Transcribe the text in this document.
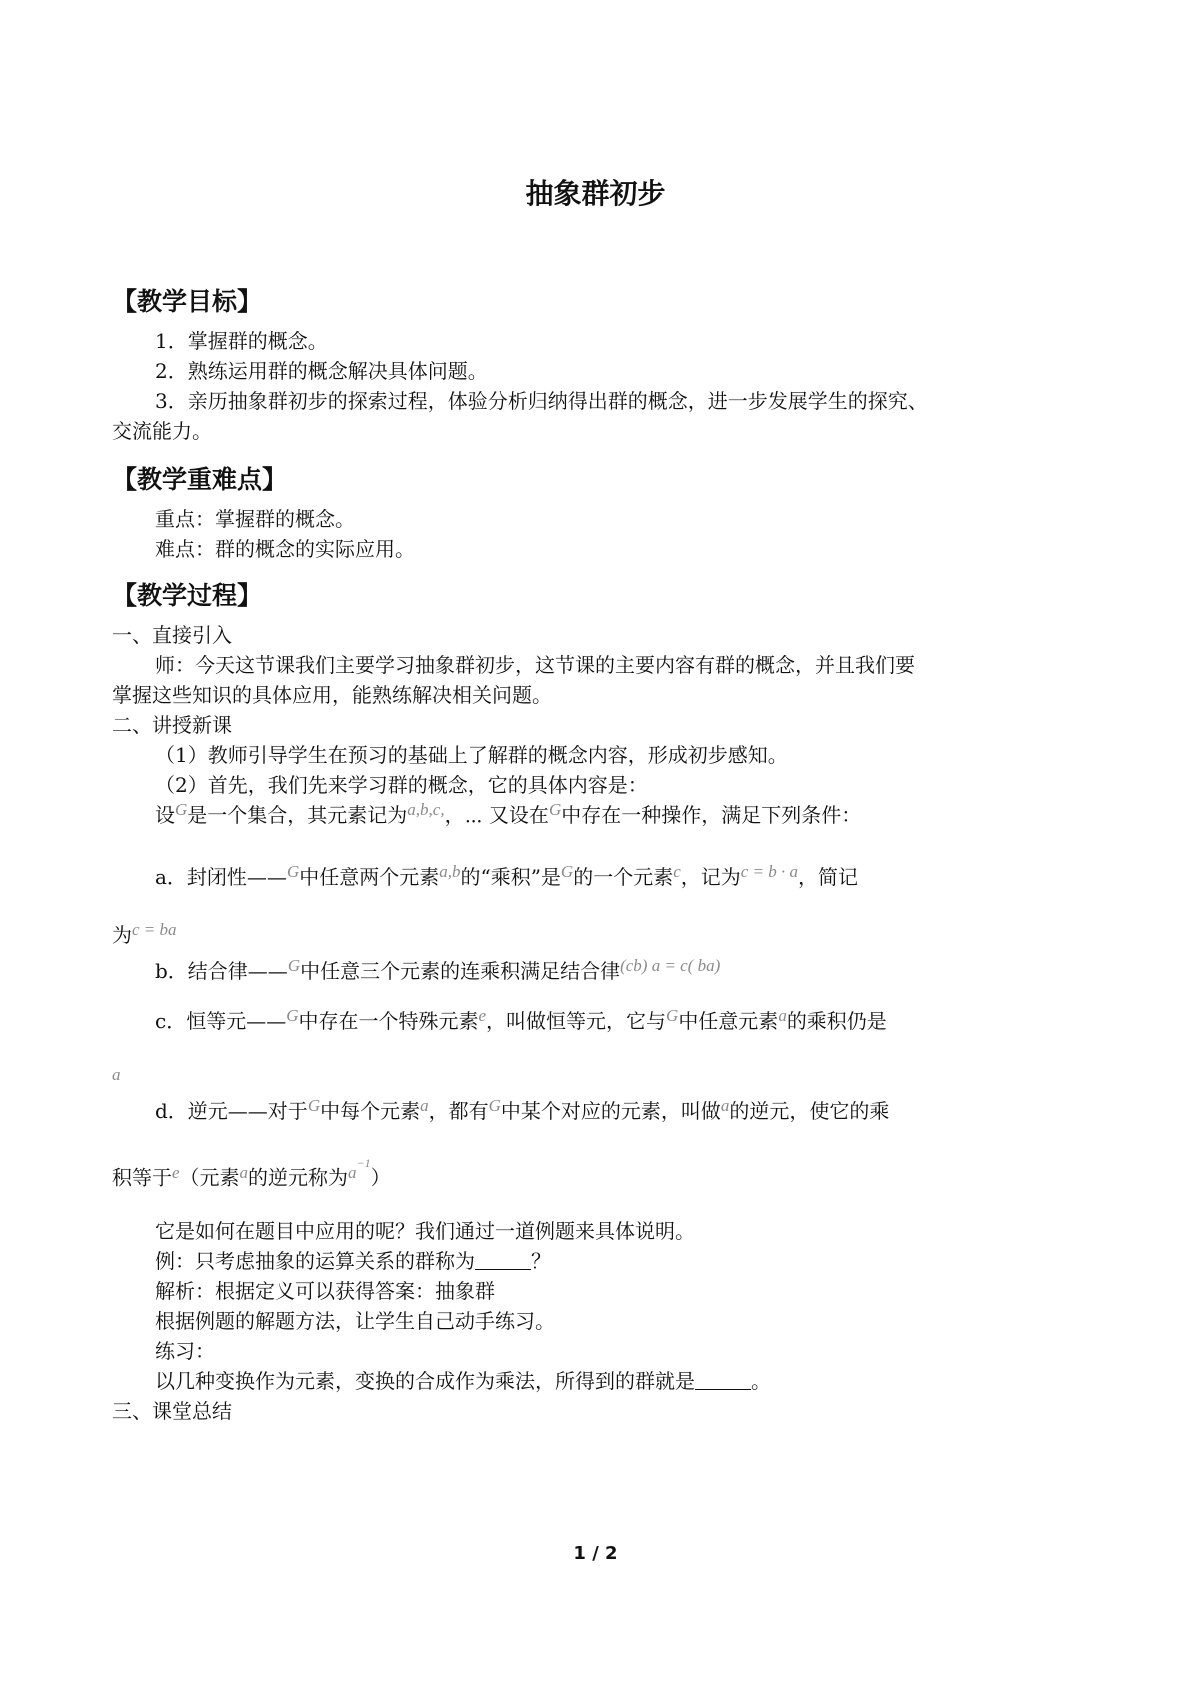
抽象群初步
【教学目标】
1．掌握群的概念。
2．熟练运用群的概念解决具体问题。
3．亲历抽象群初步的探索过程，体验分析归纳得出群的概念，进一步发展学生的探究、
交流能力。
【教学重难点】
重点：掌握群的概念。
难点：群的概念的实际应用。
【教学过程】
一、直接引入
师：今天这节课我们主要学习抽象群初步，这节课的主要内容有群的概念，并且我们要
掌握这些知识的具体应用，能熟练解决相关问题。
二、讲授新课
（1）教师引导学生在预习的基础上了解群的概念内容，形成初步感知。
（2）首先，我们先来学习群的概念，它的具体内容是：
设$^G$是一个集合，其元素记为$^{a,b,c,}$，⋯ 又设在$^G$中存在一种操作，满足下列条件：
a．封闭性——$^G$中任意两个元素$^{a,b}$的“乘积”是$^G$的一个元素$^c$，记为$^{c = b \cdot a}$，简记
为$^{c = ba}$
b．结合律——$^G$中任意三个元素的连乘积满足结合律$^{(cb) a = c( ba)}$
c．恒等元——$^G$中存在一个特殊元素$^e$，叫做恒等元，它与$^G$中任意元素$^a$的乘积仍是
a
d．逆元——对于$^G$中每个元素$^a$，都有$^G$中某个对应的元素，叫做$^a$的逆元，使它的乘
积等于$^e$（元素$^a$的逆元称为$^{a-1}$）
它是如何在题目中应用的呢？我们通过一道例题来具体说明。
例：只考虑抽象的运算关系的群称为	？
解析：根据定义可以获得答案：抽象群
根据例题的解题方法，让学生自己动手练习。
练习：
以几种变换作为元素，变换的合成作为乘法，所得到的群就是	。
三、课堂总结
1 / 2
